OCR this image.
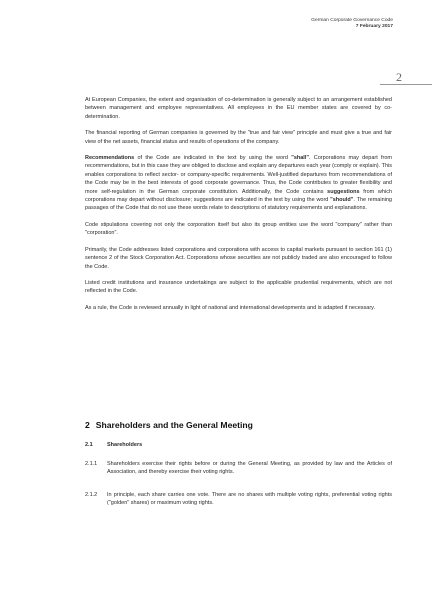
German Corporate Governance Code
7 February 2017
2

At European Companies, the extent and organisation of co-determination is generally subject to an arrangement established between management and employee representatives. All employees in the EU member states are covered by co-determination.

The financial reporting of German companies is governed by the "true and fair view" principle and must give a true and fair view of the net assets, financial status and results of operations of the company.

Recommendations of the Code are indicated in the text by using the word "shall". Corporations may depart from recommendations, but in this case they are obliged to disclose and explain any departures each year (comply or explain). This enables corporations to reflect sector- or company-specific requirements. Well-justified departures from recommendations of the Code may be in the best interests of good corporate governance. Thus, the Code contributes to greater flexibility and more self-regulation in the German corporate constitution. Additionally, the Code contains suggestions from which corporations may depart without disclosure; suggestions are indicated in the text by using the word "should". The remaining passages of the Code that do not use these words relate to descriptions of statutory requirements and explanations.

Code stipulations covering not only the corporation itself but also its group entities use the word "company" rather than "corporation".

Primarily, the Code addresses listed corporations and corporations with access to capital markets pursuant to section 161 (1) sentence 2 of the Stock Corporation Act. Corporations whose securities are not publicly traded are also encouraged to follow the Code.

Listed credit institutions and insurance undertakings are subject to the applicable prudential requirements, which are not reflected in the Code.

As a rule, the Code is reviewed annually in light of national and international developments and is adapted if necessary.

2 Shareholders and the General Meeting
2.1	Shareholders
2.1.1	Shareholders exercise their rights before or during the General Meeting, as provided by law and the Articles of Association, and thereby exercise their voting rights.
2.1.2	In principle, each share carries one vote. There are no shares with multiple voting rights, preferential voting rights ("golden" shares) or maximum voting rights.
